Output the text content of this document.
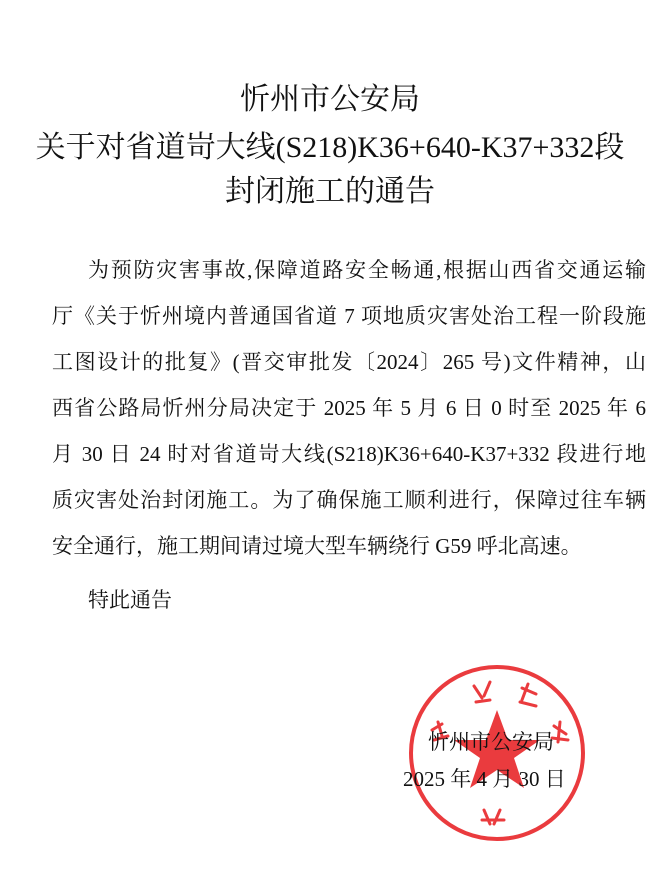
忻州市公安局
关于对省道岢大线(S218)K36+640-K37+332段
封闭施工的通告
为预防灾害事故,保障道路安全畅通,根据山西省交通运输
厅《关于忻州境内普通国省道 7 项地质灾害处治工程一阶段施
工图设计的批复》(晋交审批发〔2024〕265 号)文件精神，山
西省公路局忻州分局决定于 2025 年 5 月 6 日 0 时至 2025 年 6
月 30 日 24 时对省道岢大线(S218)K36+640-K37+332 段进行地
质灾害处治封闭施工。为了确保施工顺利进行，保障过往车辆
安全通行，施工期间请过境大型车辆绕行 G59 呼北高速。
特此通告
忻州市公安局
2025 年 4 月 30 日
